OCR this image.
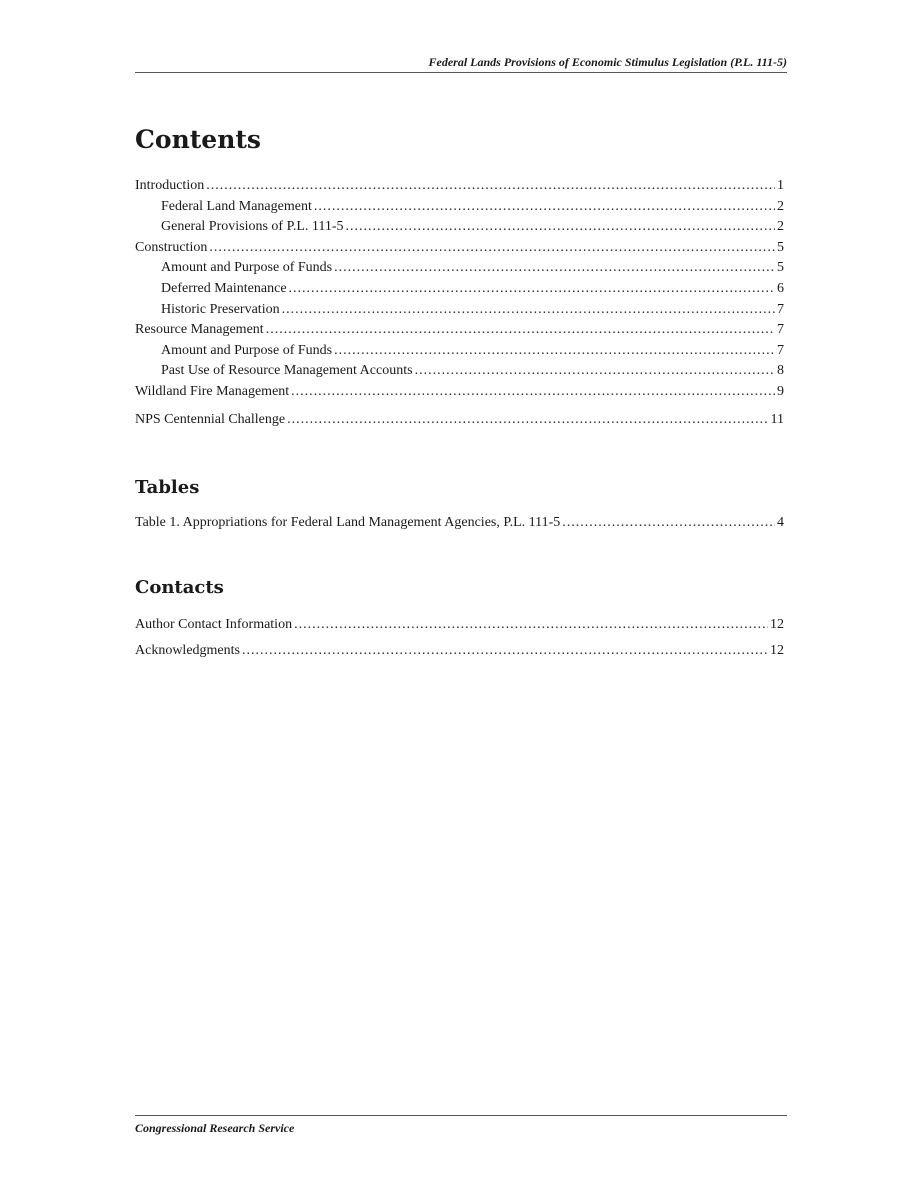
Federal Lands Provisions of Economic Stimulus Legislation (P.L. 111-5)
Contents
Introduction .....	1
Federal Land Management .....	2
General Provisions of P.L. 111-5 .....	2
Construction .....	5
Amount and Purpose of Funds .....	5
Deferred Maintenance .....	6
Historic Preservation .....	7
Resource Management .....	7
Amount and Purpose of Funds .....	7
Past Use of Resource Management Accounts .....	8
Wildland Fire Management .....	9
NPS Centennial Challenge .....	11
Tables
Table 1. Appropriations for Federal Land Management Agencies, P.L. 111-5 .....	4
Contacts
Author Contact Information .....	12
Acknowledgments .....	12
Congressional Research Service
